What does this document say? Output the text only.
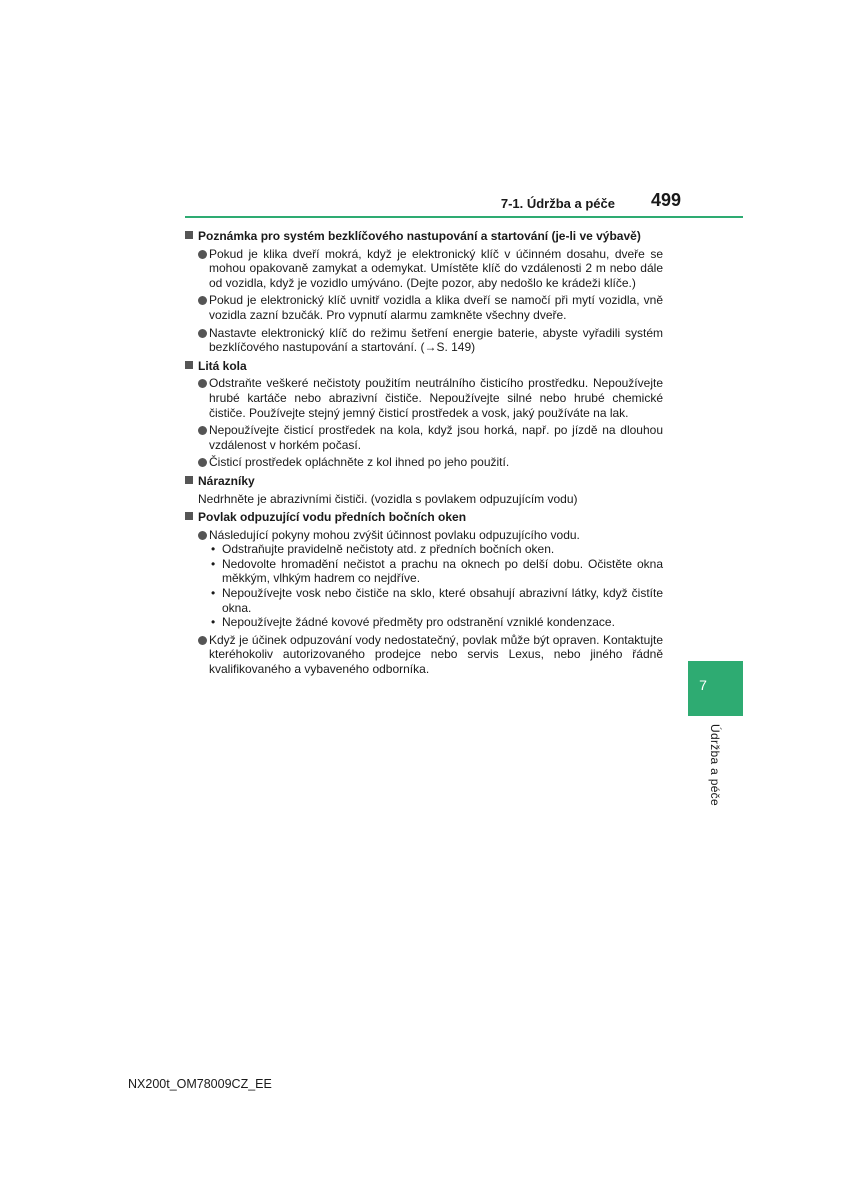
7-1. Údržba a péče 499
Poznámka pro systém bezklíčového nastupování a startování (je-li ve výbavě)
Pokud je klika dveří mokrá, když je elektronický klíč v účinném dosahu, dveře se mohou opakovaně zamykat a odemykat. Umístěte klíč do vzdálenosti 2 m nebo dále od vozidla, když je vozidlo umýváno. (Dejte pozor, aby nedošlo ke krádeži klíče.)
Pokud je elektronický klíč uvnitř vozidla a klika dveří se namočí při mytí vozidla, vně vozidla zazní bzučák. Pro vypnutí alarmu zamkněte všechny dveře.
Nastavte elektronický klíč do režimu šetření energie baterie, abyste vyřadili systém bezklíčového nastupování a startování. (→S. 149)
Litá kola
Odstraňte veškeré nečistoty použitím neutrálního čisticího prostředku. Nepoužívejte hrubé kartáče nebo abrazivní čističe. Nepoužívejte silné nebo hrubé chemické čističe. Používejte stejný jemný čisticí prostředek a vosk, jaký používáte na lak.
Nepoužívejte čisticí prostředek na kola, když jsou horká, např. po jízdě na dlouhou vzdálenost v horkém počasí.
Čisticí prostředek opláchněte z kol ihned po jeho použití.
Nárazníky
Nedrhněte je abrazivními čističi. (vozidla s povlakem odpuzujícím vodu)
Povlak odpuzující vodu předních bočních oken
Následující pokyny mohou zvýšit účinnost povlaku odpuzujícího vodu.
• Odstraňujte pravidelně nečistoty atd. z předních bočních oken.
• Nedovolte hromadění nečistot a prachu na oknech po delší dobu. Očistěte okna měkkým, vlhkým hadrem co nejdříve.
• Nepoužívejte vosk nebo čističe na sklo, které obsahují abrazivní látky, když čistíte okna.
• Nepoužívejte žádné kovové předměty pro odstranění vzniklé kondenzace.
Když je účinek odpuzování vody nedostatečný, povlak může být opraven. Kontaktujte kteréhokoliv autorizovaného prodejce nebo servis Lexus, nebo jiného řádně kvalifikovaného a vybaveného odborníka.
7
Údržba a péče
NX200t_OM78009CZ_EE
